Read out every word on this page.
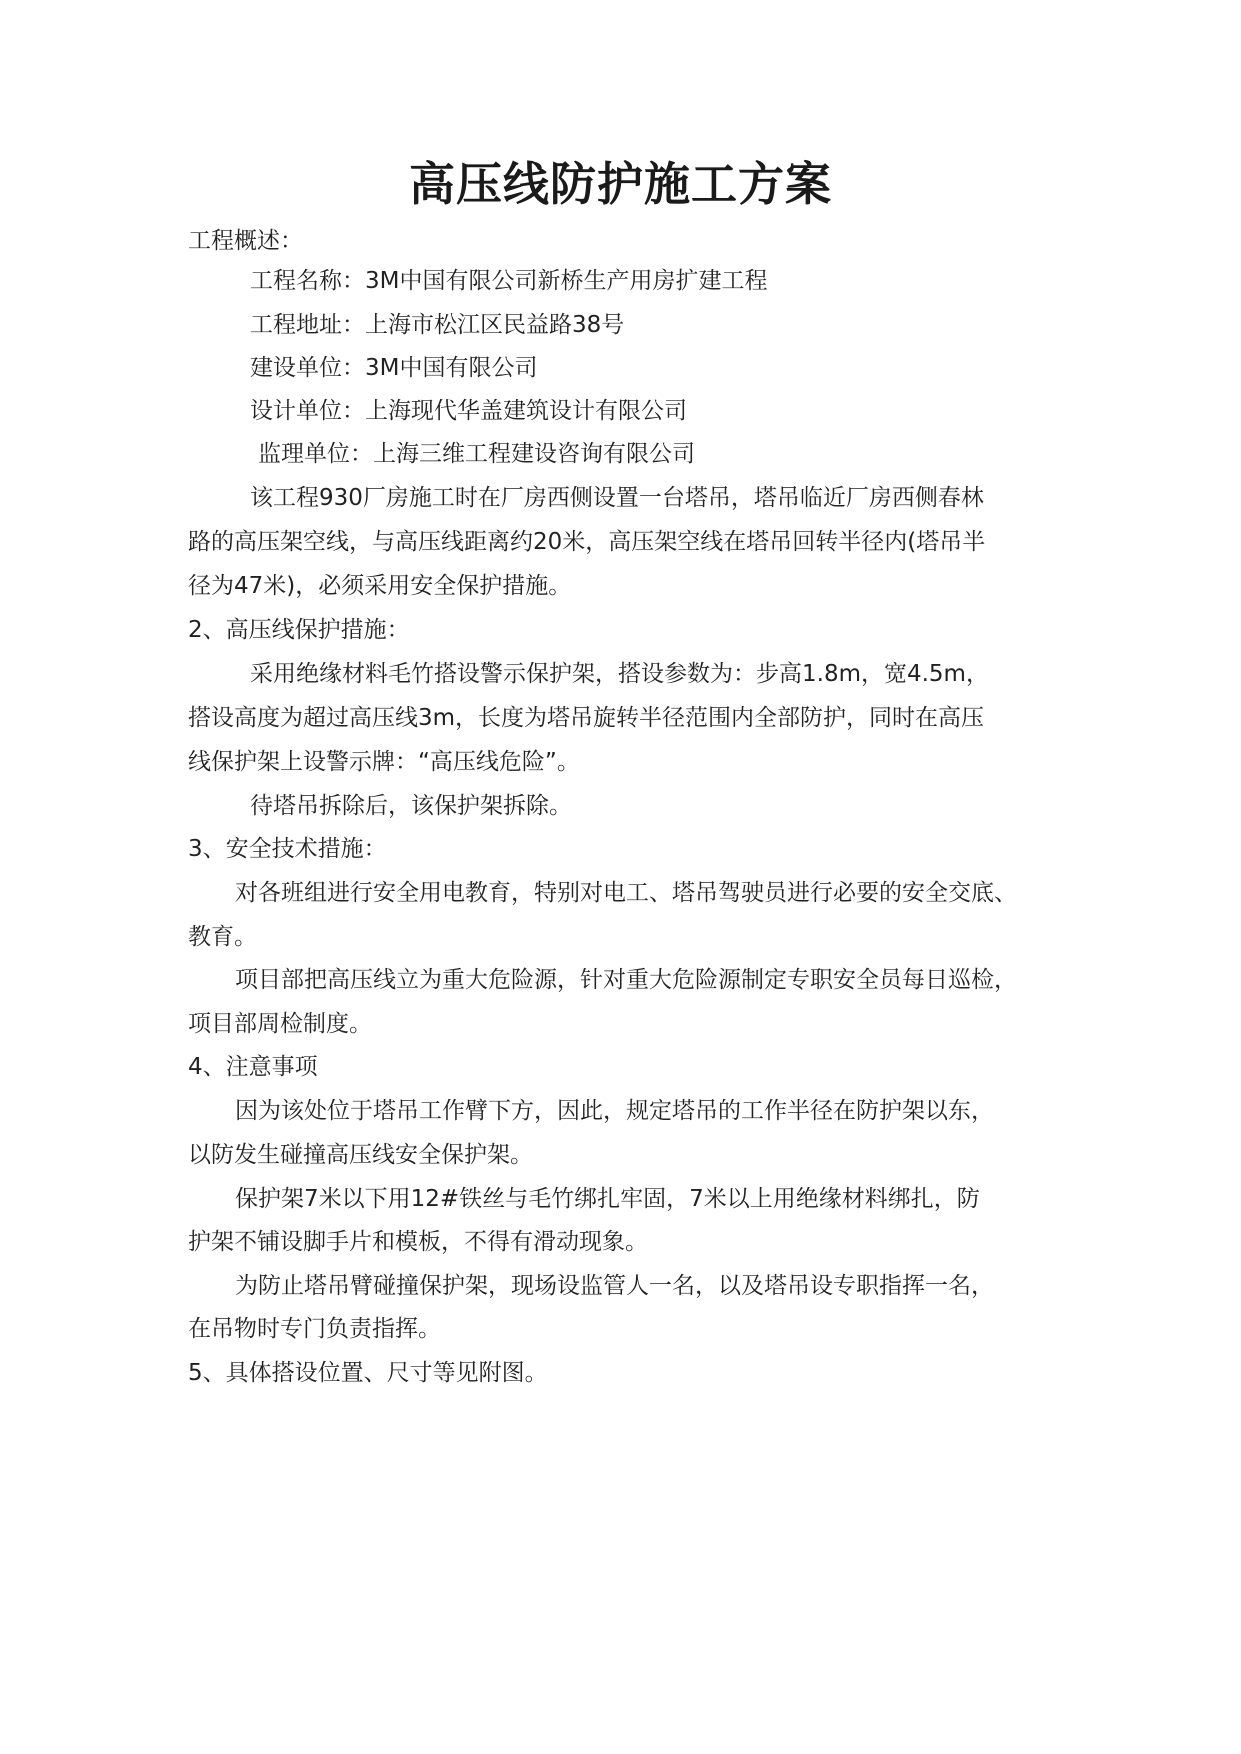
高压线防护施工方案
工程概述：
工程名称：3M中国有限公司新桥生产用房扩建工程
工程地址：上海市松江区民益路38号
建设单位：3M中国有限公司
设计单位：上海现代华盖建筑设计有限公司
监理单位：上海三维工程建设咨询有限公司
该工程930厂房施工时在厂房西侧设置一台塔吊，塔吊临近厂房西侧春林
路的高压架空线，与高压线距离约20米，高压架空线在塔吊回转半径内(塔吊半
径为47米)，必须采用安全保护措施。
2、高压线保护措施：
采用绝缘材料毛竹搭设警示保护架，搭设参数为：步高1.8m，宽4.5m，
搭设高度为超过高压线3m，长度为塔吊旋转半径范围内全部防护，同时在高压
线保护架上设警示牌：“高压线危险”。
待塔吊拆除后，该保护架拆除。
3、安全技术措施：
对各班组进行安全用电教育，特别对电工、塔吊驾驶员进行必要的安全交底、
教育。
项目部把高压线立为重大危险源，针对重大危险源制定专职安全员每日巡检，
项目部周检制度。
4、注意事项
因为该处位于塔吊工作臂下方，因此，规定塔吊的工作半径在防护架以东，
以防发生碰撞高压线安全保护架。
保护架7米以下用12#铁丝与毛竹绑扎牢固，7米以上用绝缘材料绑扎，防
护架不铺设脚手片和模板，不得有滑动现象。
为防止塔吊臂碰撞保护架，现场设监管人一名，以及塔吊设专职指挥一名，
在吊物时专门负责指挥。
5、具体搭设位置、尺寸等见附图。
